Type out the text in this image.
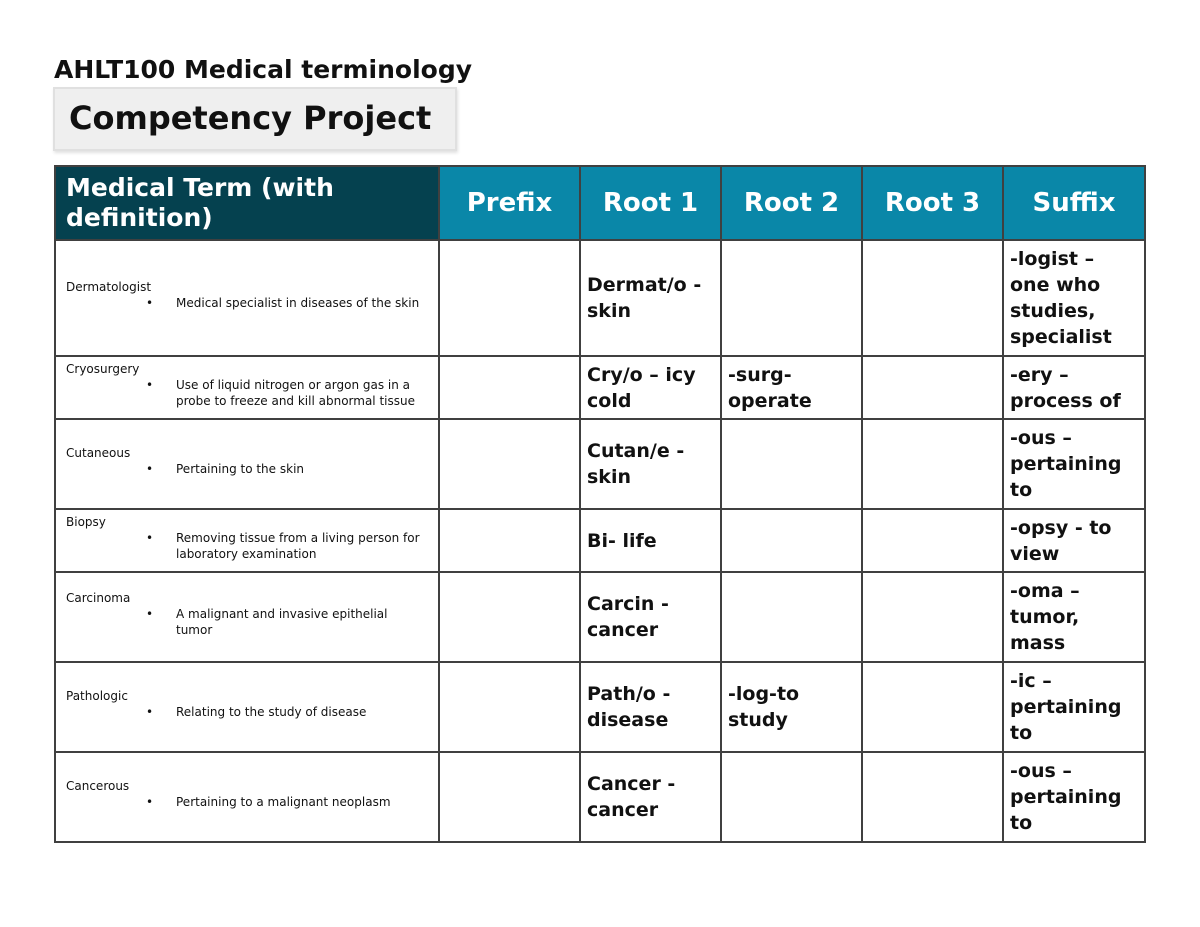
AHLT100 Medical terminology
Competency Project
Medical Term (with definition)	Prefix	Root 1	Root 2	Root 3	Suffix

Dermatologist
• Medical specialist in diseases of the skin		Dermat/o -skin			-logist – one who studies, specialist

Cryosurgery
• Use of liquid nitrogen or argon gas in a probe to freeze and kill abnormal tissue		Cry/o – icy cold	-surg-operate		-ery – process of

Cutaneous
• Pertaining to the skin		Cutan/e -skin			-ous – pertaining to

Biopsy
• Removing tissue from a living person for laboratory examination		Bi- life			-opsy - to view

Carcinoma
• A malignant and invasive epithelial tumor		Carcin - cancer			-oma – tumor, mass

Pathologic
• Relating to the study of disease		Path/o - disease	-log-to study		-ic – pertaining to

Cancerous
• Pertaining to a malignant neoplasm		Cancer - cancer			-ous – pertaining to
